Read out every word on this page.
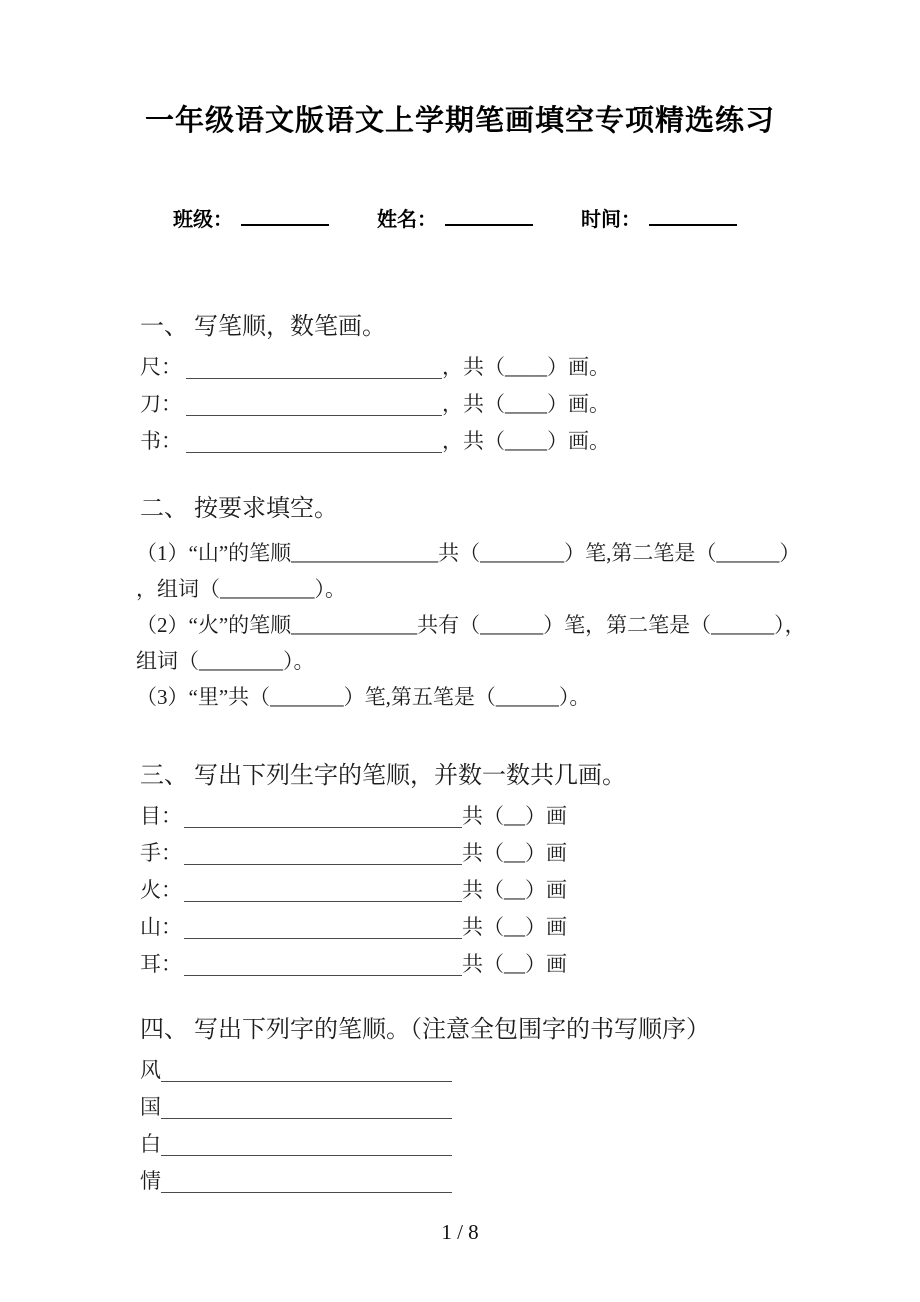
一年级语文版语文上学期笔画填空专项精选练习
班级：	姓名：	时间：
一、 写笔顺，数笔画。
尺：	，共（____）画。
刀：	，共（____）画。
书：	，共（____）画。
二、 按要求填空。

（1）“山”的笔顺______________共（________）笔,第二笔是（______）

，组词（_________）。

（2）“火”的笔顺____________共有（______）笔，第二笔是（______），

组词（________）。

（3）“里”共（_______）笔,第五笔是（______）。

三、 写出下列生字的笔顺，并数一数共几画。
目：	共（__）画
手：	共（__）画
火：	共（__）画
山：	共（__）画
耳：	共（__）画
四、 写出下列字的笔顺。（注意全包围字的书写顺序）
风
国
白
情
1 / 8
